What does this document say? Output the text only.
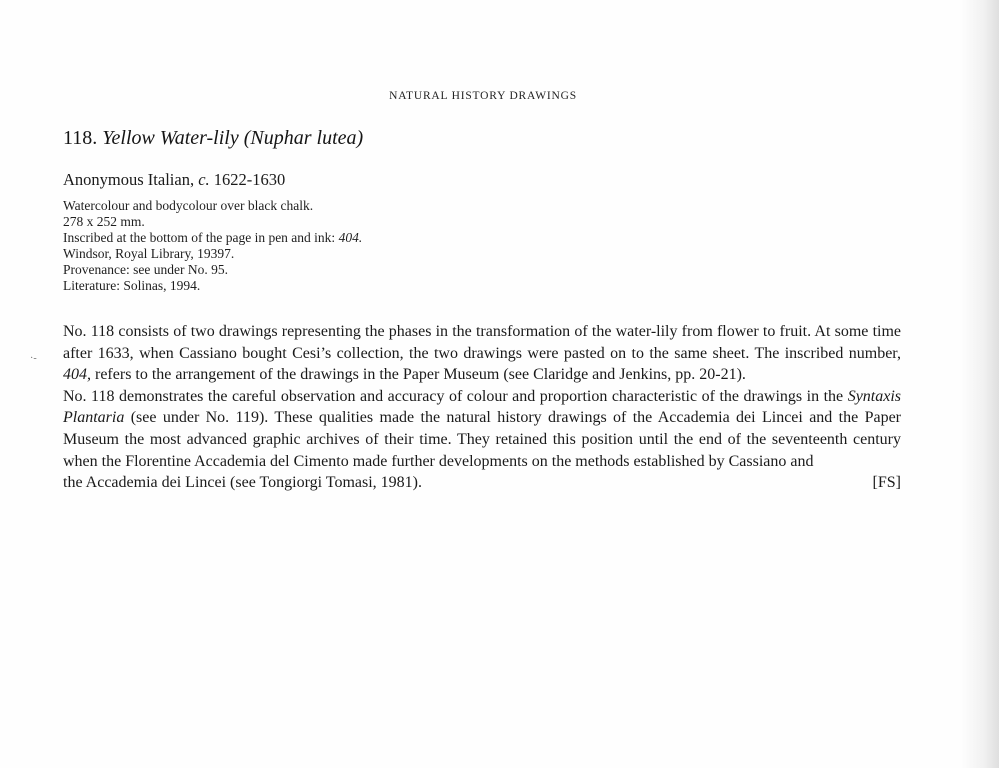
NATURAL HISTORY DRAWINGS
118. Yellow Water-lily (Nuphar lutea)
Anonymous Italian, c. 1622-1630
Watercolour and bodycolour over black chalk.
278 x 252 mm.
Inscribed at the bottom of the page in pen and ink: 404.
Windsor, Royal Library, 19397.
Provenance: see under No. 95.
Literature: Solinas, 1994.
·-

No. 118 consists of two drawings representing the phases in the transformation of the water-lily from flower to fruit. At some time after 1633, when Cassiano bought Cesi’s collection, the two drawings were pasted on to the same sheet. The inscribed number, 404, refers to the arrangement of the drawings in the Paper Museum (see Claridge and Jenkins, pp. 20-21).

No. 118 demonstrates the careful observation and accuracy of colour and proportion characteristic of the drawings in the Syntaxis Plantaria (see under No. 119). These qualities made the natural history drawings of the Accademia dei Lincei and the Paper Museum the most advanced graphic archives of their time. They retained this position until the end of the seventeenth century when the Florentine Accademia del Cimento made further developments on the methods established by Cassiano and

the Accademia dei Lincei (see Tongiorgi Tomasi, 1981).	[FS]
